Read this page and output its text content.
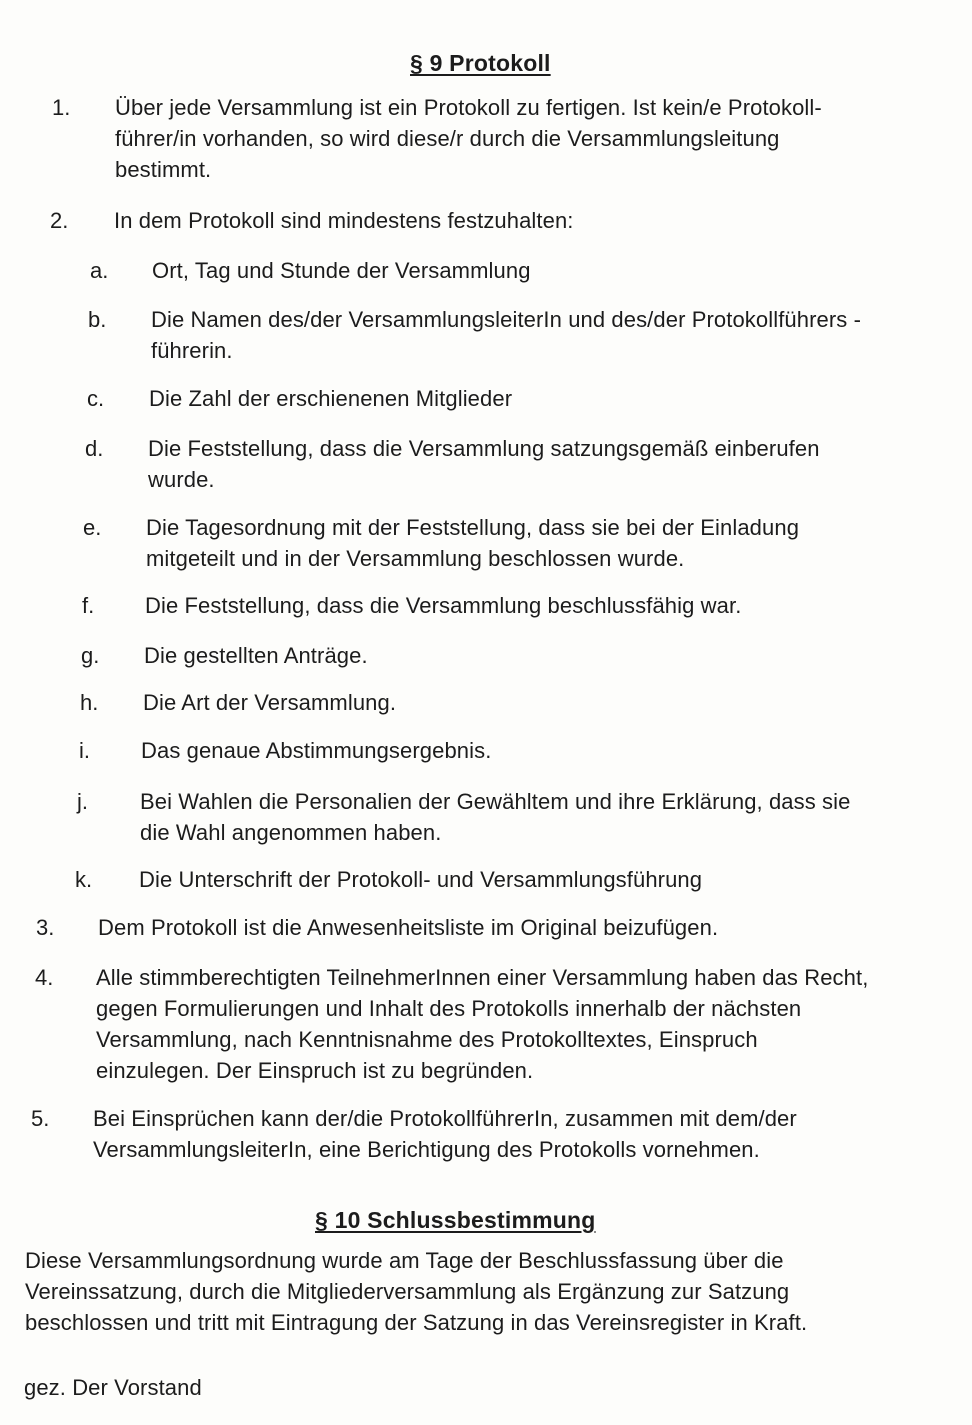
§ 9 Protokoll
1. Über jede Versammlung ist ein Protokoll zu fertigen. Ist kein/e Protokoll-führer/in vorhanden, so wird diese/r durch die Versammlungsleitung bestimmt.
2. In dem Protokoll sind mindestens festzuhalten:
a. Ort, Tag und Stunde der Versammlung
b. Die Namen des/der VersammlungsleiterIn und des/der Protokollführers - führerin.
c. Die Zahl der erschienenen Mitglieder
d. Die Feststellung, dass die Versammlung satzungsgemäß einberufen wurde.
e. Die Tagesordnung mit der Feststellung, dass sie bei der Einladung mitgeteilt und in der Versammlung beschlossen wurde.
f. Die Feststellung, dass die Versammlung beschlussfähig war.
g. Die gestellten Anträge.
h. Die Art der Versammlung.
i. Das genaue Abstimmungsergebnis.
j. Bei Wahlen die Personalien der Gewähltem und ihre Erklärung, dass sie die Wahl angenommen haben.
k. Die Unterschrift der Protokoll- und Versammlungsführung
3. Dem Protokoll ist die Anwesenheitsliste im Original beizufügen.
4. Alle stimmberechtigten TeilnehmerInnen einer Versammlung haben das Recht, gegen Formulierungen und Inhalt des Protokolls innerhalb der nächsten Versammlung, nach Kenntnisnahme des Protokolltextes, Einspruch einzulegen. Der Einspruch ist zu begründen.
5. Bei Einsprüchen kann der/die ProtokollführerIn, zusammen mit dem/der VersammlungsleiterIn, eine Berichtigung des Protokolls vornehmen.
§ 10 Schlussbestimmung
Diese Versammlungsordnung wurde am Tage der Beschlussfassung über die Vereinssatzung, durch die Mitgliederversammlung als Ergänzung zur Satzung beschlossen und tritt mit Eintragung der Satzung in das Vereinsregister in Kraft.
gez. Der Vorstand
